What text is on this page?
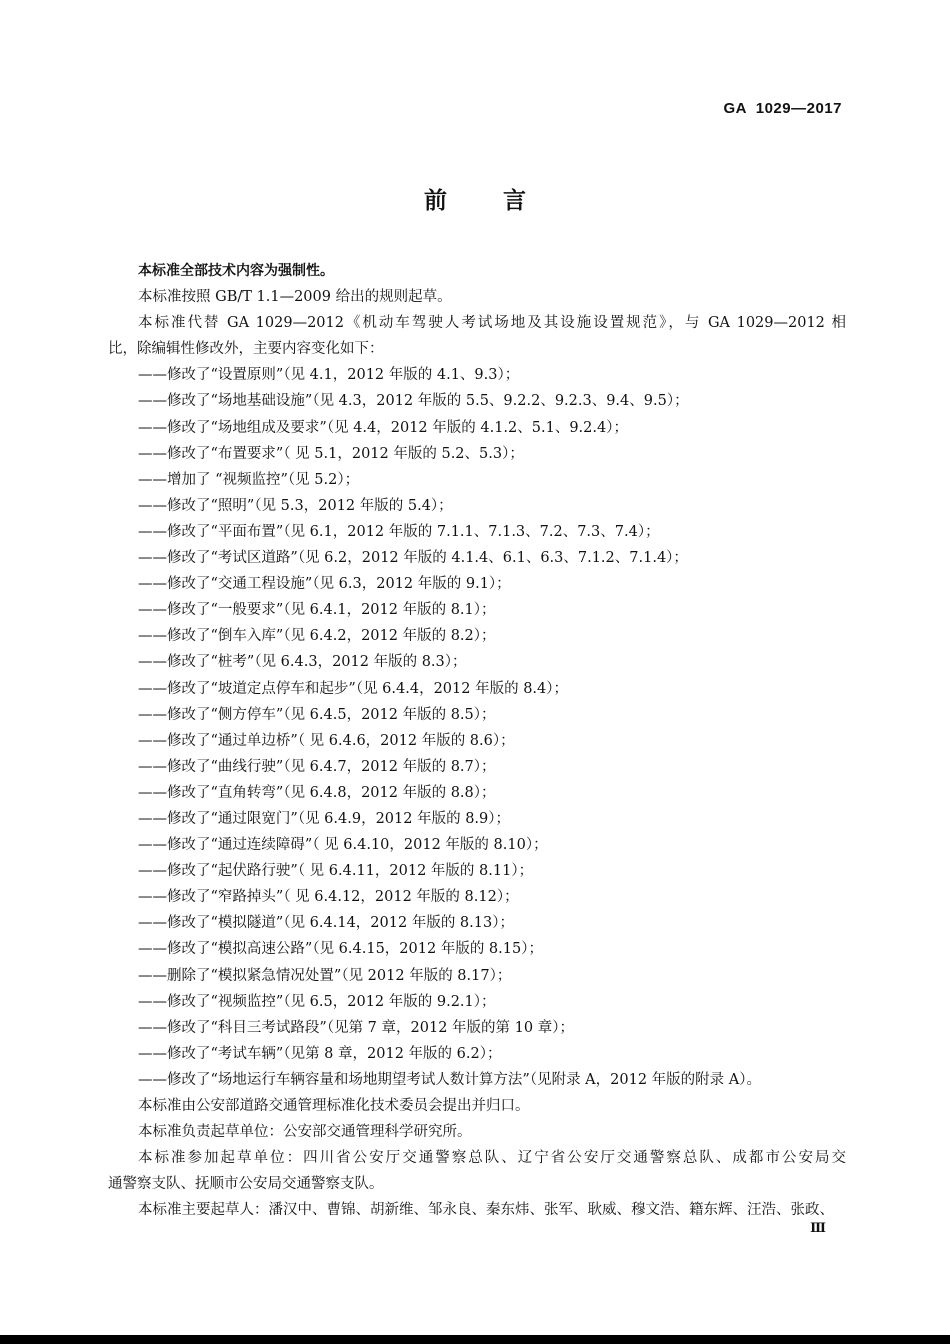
GA  1029—2017
前言
本标准全部技术内容为强制性。
本标准按照 GB/T 1.1—2009 给出的规则起草。
本标准代替 GA 1029—2012《机动车驾驶人考试场地及其设施设置规范》，与 GA 1029—2012 相
比，除编辑性修改外，主要内容变化如下：
——修改了“设置原则”（见 4.1，2012 年版的 4.1、9.3）；
——修改了“场地基础设施”（见 4.3，2012 年版的 5.5、9.2.2、9.2.3、9.4、9.5）；
——修改了“场地组成及要求”（见 4.4，2012 年版的 4.1.2、5.1、9.2.4）；
——修改了“布置要求”（ 见 5.1，2012 年版的 5.2、5.3）；
——增加了 “视频监控”（见 5.2）；
——修改了“照明”（见 5.3，2012 年版的 5.4）；
——修改了“平面布置”（见 6.1，2012 年版的 7.1.1、7.1.3、7.2、7.3、7.4）；
——修改了“考试区道路”（见 6.2，2012 年版的 4.1.4、6.1、6.3、7.1.2、7.1.4）；
——修改了“交通工程设施”（见 6.3，2012 年版的 9.1）；
——修改了“一般要求”（见 6.4.1，2012 年版的 8.1）；
——修改了“倒车入库”（见 6.4.2，2012 年版的 8.2）；
——修改了“桩考”（见 6.4.3，2012 年版的 8.3）；
——修改了“坡道定点停车和起步”（见 6.4.4，2012 年版的 8.4）；
——修改了“侧方停车”（见 6.4.5，2012 年版的 8.5）；
——修改了“通过单边桥”（ 见 6.4.6，2012 年版的 8.6）；
——修改了“曲线行驶”（见 6.4.7，2012 年版的 8.7）；
——修改了“直角转弯”（见 6.4.8，2012 年版的 8.8）；
——修改了“通过限宽门”（见 6.4.9，2012 年版的 8.9）；
——修改了“通过连续障碍”（ 见 6.4.10，2012 年版的 8.10）；
——修改了“起伏路行驶”（ 见 6.4.11，2012 年版的 8.11）；
——修改了“窄路掉头”（ 见 6.4.12，2012 年版的 8.12）；
——修改了“模拟隧道”（见 6.4.14，2012 年版的 8.13）；
——修改了“模拟高速公路”（见 6.4.15，2012 年版的 8.15）；
——删除了“模拟紧急情况处置”（见 2012 年版的 8.17）；
——修改了“视频监控”（见 6.5，2012 年版的 9.2.1）；
——修改了“科目三考试路段”（见第 7 章，2012 年版的第 10 章）；
——修改了“考试车辆”（见第 8 章，2012 年版的 6.2）；
——修改了“场地运行车辆容量和场地期望考试人数计算方法”（见附录 A，2012 年版的附录 A）。
本标准由公安部道路交通管理标准化技术委员会提出并归口。
本标准负责起草单位：公安部交通管理科学研究所。
本标准参加起草单位：四川省公安厅交通警察总队、辽宁省公安厅交通警察总队、成都市公安局交
通警察支队、抚顺市公安局交通警察支队。
本标准主要起草人：潘汉中、曹锦、胡新维、邹永良、秦东炜、张军、耿威、穆文浩、籍东辉、汪浩、张政、
Ⅲ
